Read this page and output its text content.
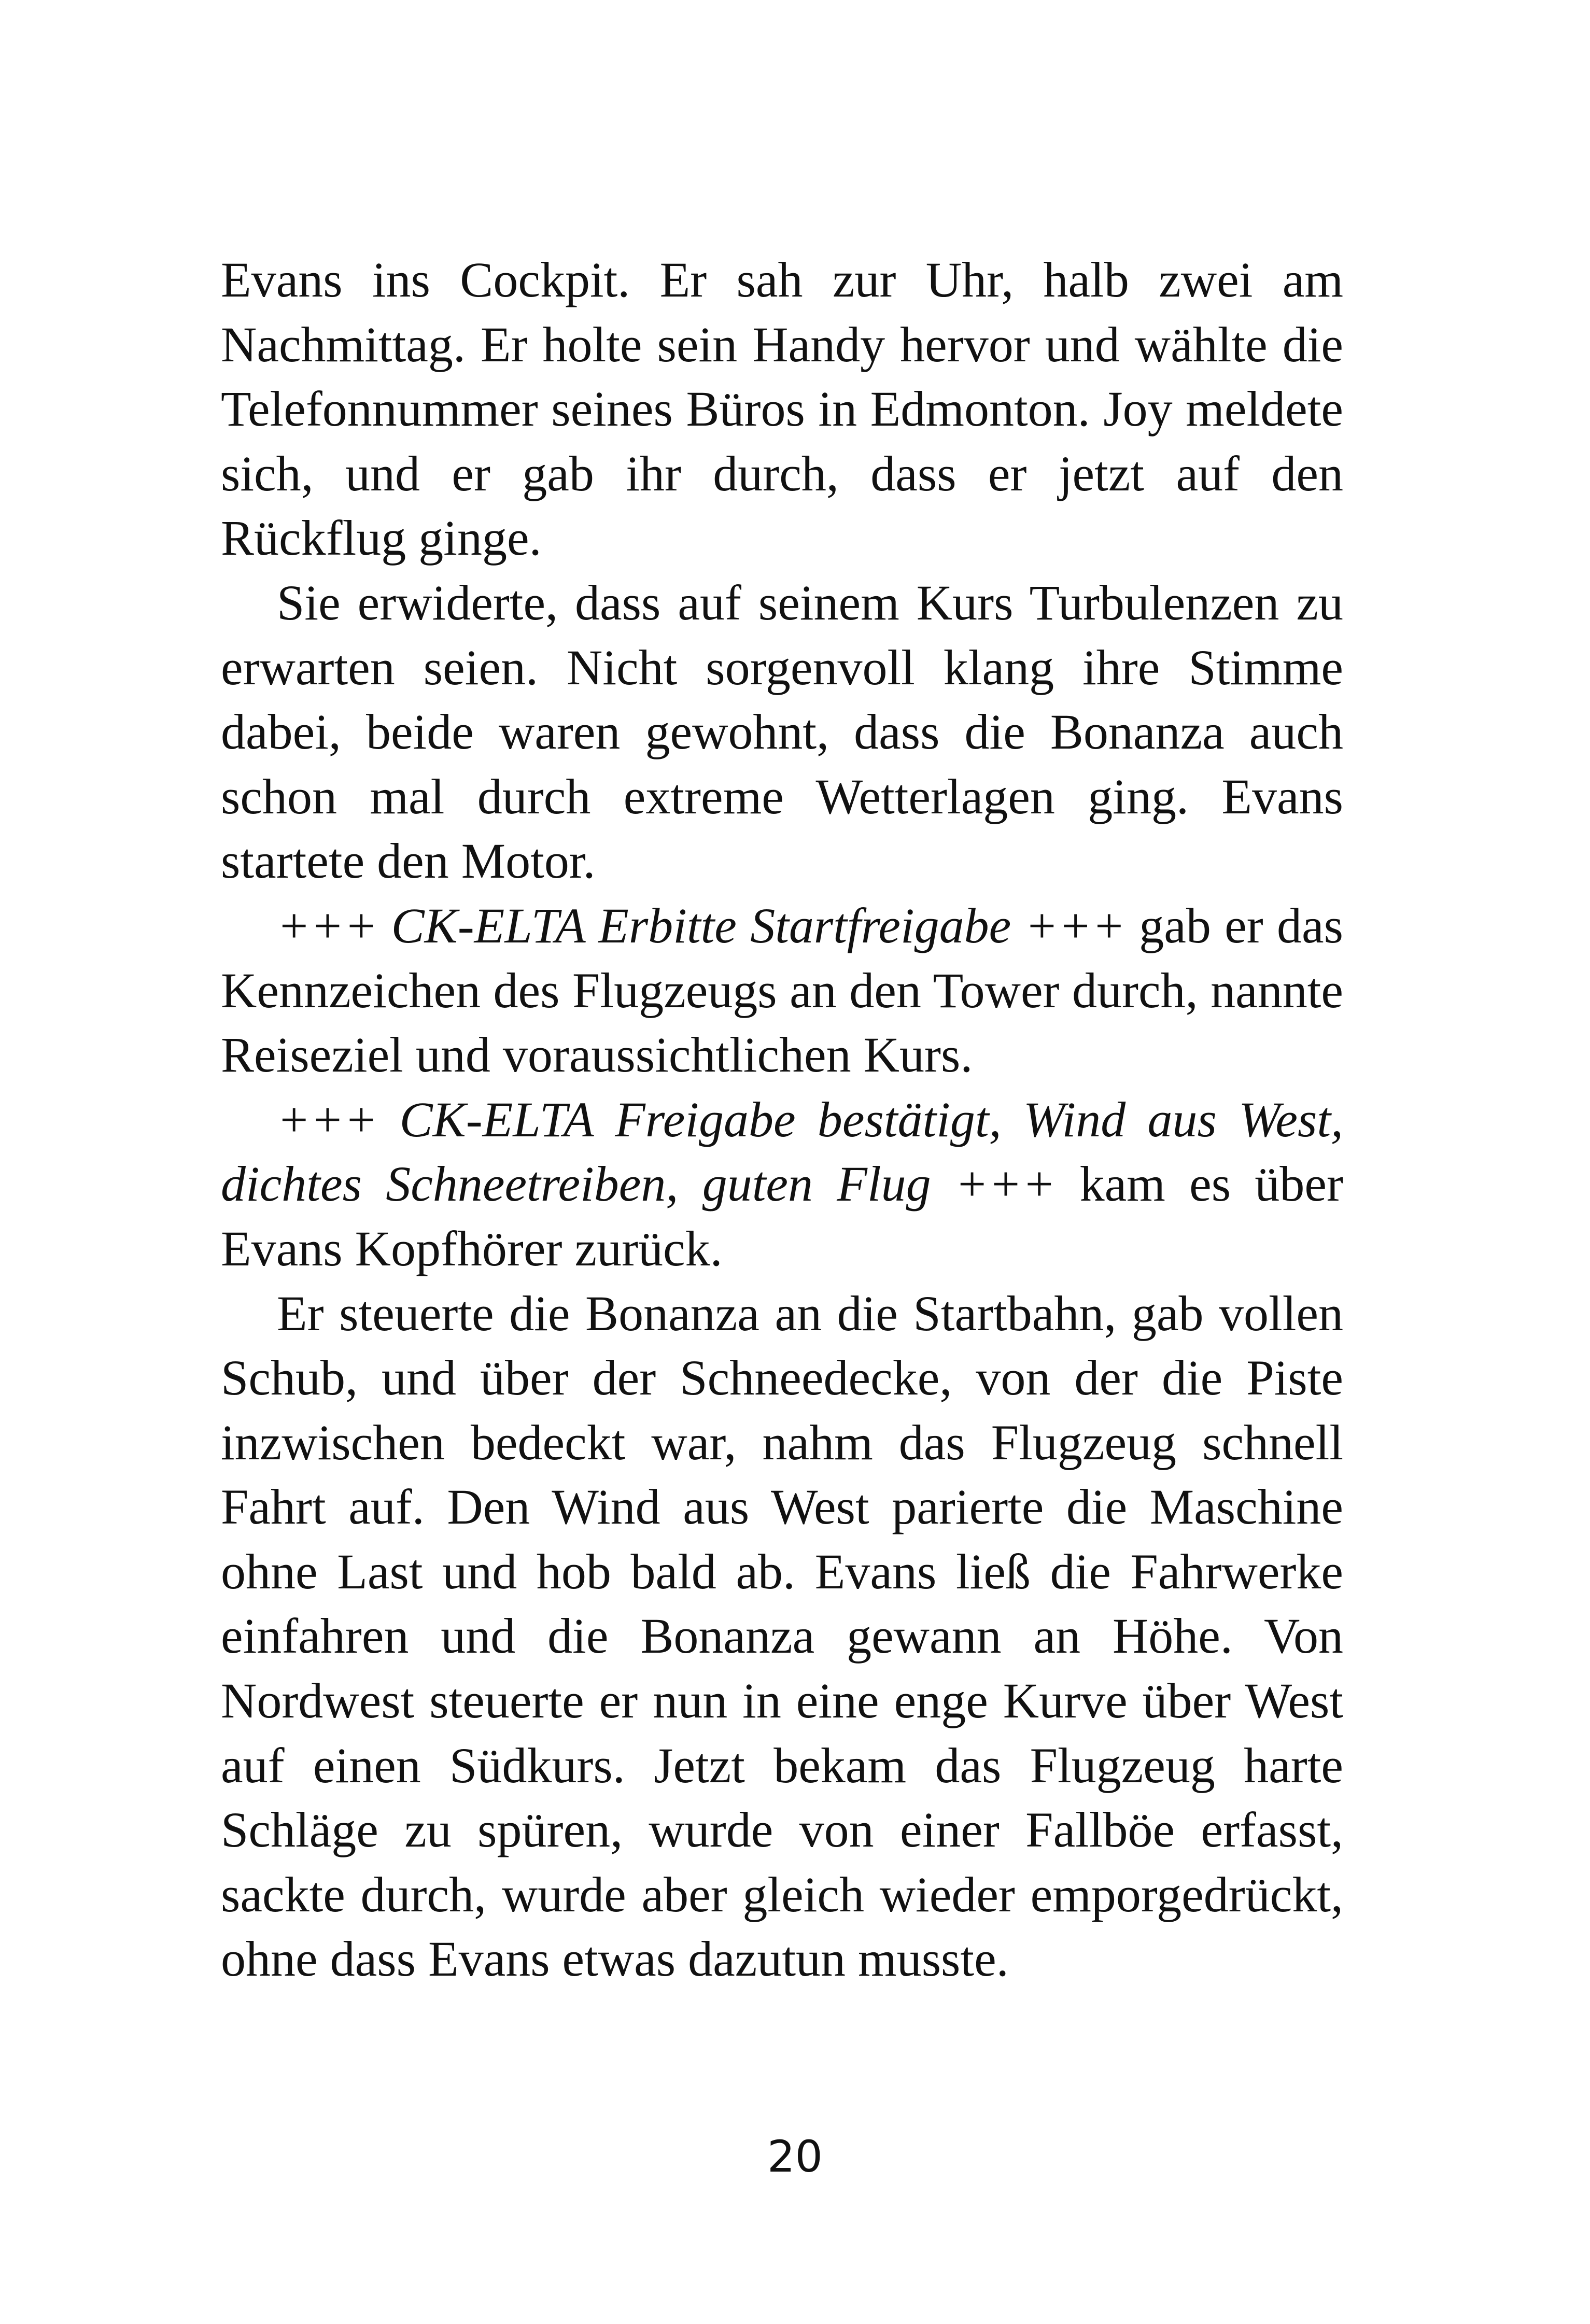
Evans ins Cockpit. Er sah zur Uhr, halb zwei am Nachmittag. Er holte sein Handy hervor und wählte die Telefonnummer seines Büros in Edmonton. Joy meldete sich, und er gab ihr durch, dass er jetzt auf den Rückflug ginge.

Sie erwiderte, dass auf seinem Kurs Turbulenzen zu erwarten seien. Nicht sorgenvoll klang ihre Stimme dabei, beide waren gewohnt, dass die Bonanza auch schon mal durch extreme Wetterlagen ging. Evans startete den Motor.

+++ CK-ELTA Erbitte Startfreigabe +++ gab er das Kennzeichen des Flugzeugs an den Tower durch, nannte Reiseziel und voraussichtlichen Kurs.

+++ CK-ELTA Freigabe bestätigt, Wind aus West, dichtes Schneetreiben, guten Flug +++ kam es über Evans Kopfhörer zurück.

Er steuerte die Bonanza an die Startbahn, gab vollen Schub, und über der Schneedecke, von der die Piste inzwischen bedeckt war, nahm das Flugzeug schnell Fahrt auf. Den Wind aus West parierte die Maschine ohne Last und hob bald ab. Evans ließ die Fahrwerke einfahren und die Bonanza gewann an Höhe. Von Nordwest steuerte er nun in eine enge Kurve über West auf einen Südkurs. Jetzt bekam das Flugzeug harte Schläge zu spüren, wurde von einer Fallböe erfasst, sackte durch, wurde aber gleich wieder emporgedrückt, ohne dass Evans etwas dazutun musste.

20
